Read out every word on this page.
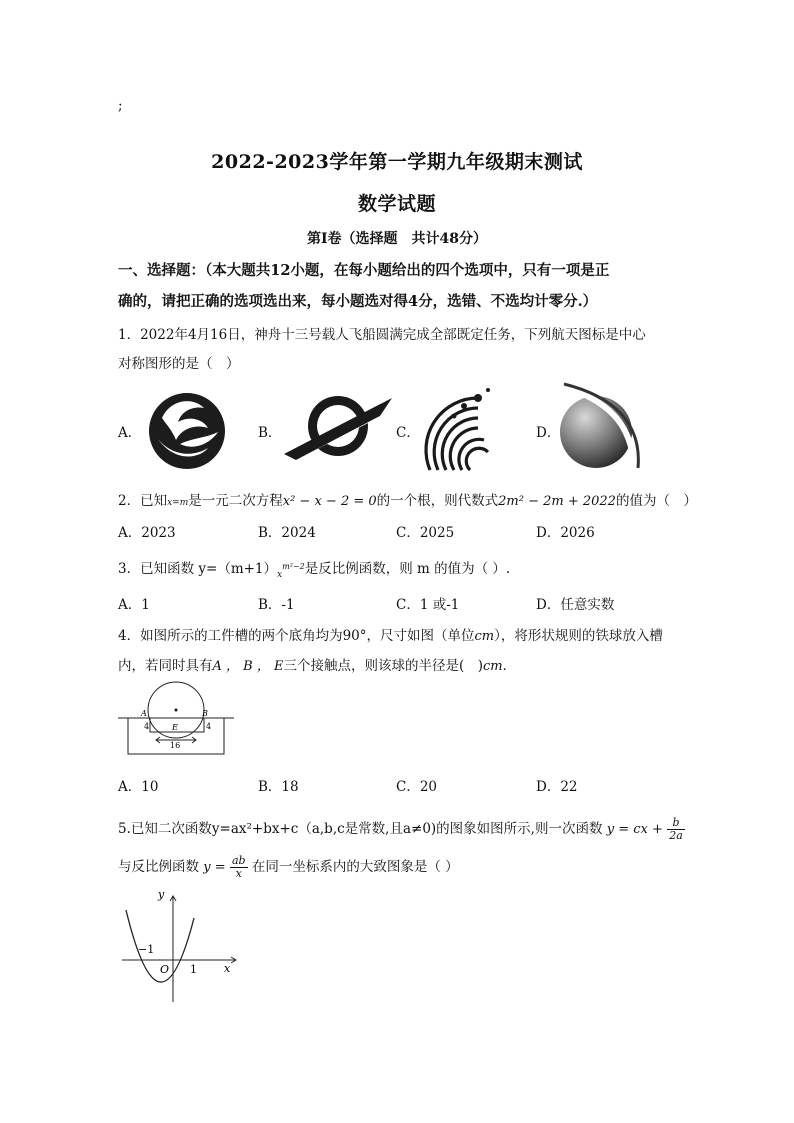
;
2022-2023学年第一学期九年级期末测试
数学试题
第Ⅰ卷（选择题　共计48分）
一、选择题：（本大题共12小题，在每小题给出的四个选项中，只有一项是正
确的，请把正确的选项选出来，每小题选对得4分，选错、不选均计零分.）
1．2022年4月16日，神舟十三号载人飞船圆满完成全部既定任务，下列航天图标是中心
对称图形的是（　）
A．	B．	C．	D．
2．已知x=m是一元二次方程x² − x − 2 = 0的一个根，则代数式2m² − 2m + 2022的值为（　）
A．2023	B．2024	C．2025	D．2026
3．已知函数 $y=(m+1)_x^{m^2-2}$是反比例函数，则 m 的值为（ ）.
A．1	B．-1	C．1 或-1	D．任意实数
4．如图所示的工件槽的两个底角均为90°，尺寸如图（单位cm），将形状规则的铁球放入槽
内，若同时具有A ， B ， E三个接触点，则该球的半径是(　)cm．
A	B
E
4	4
16
A．10	B．18	C．20	D．22
5.已知二次函数y=ax²+bx+c（a,b,c是常数,且a≠0)的图象如图所示,则一次函数 y = cx + $\frac{b}{2a}$
与反比例函数 $y = \frac{ab}{x}$ 在同一坐标系内的大致图象是（ ）
y
x
O
−1
1
